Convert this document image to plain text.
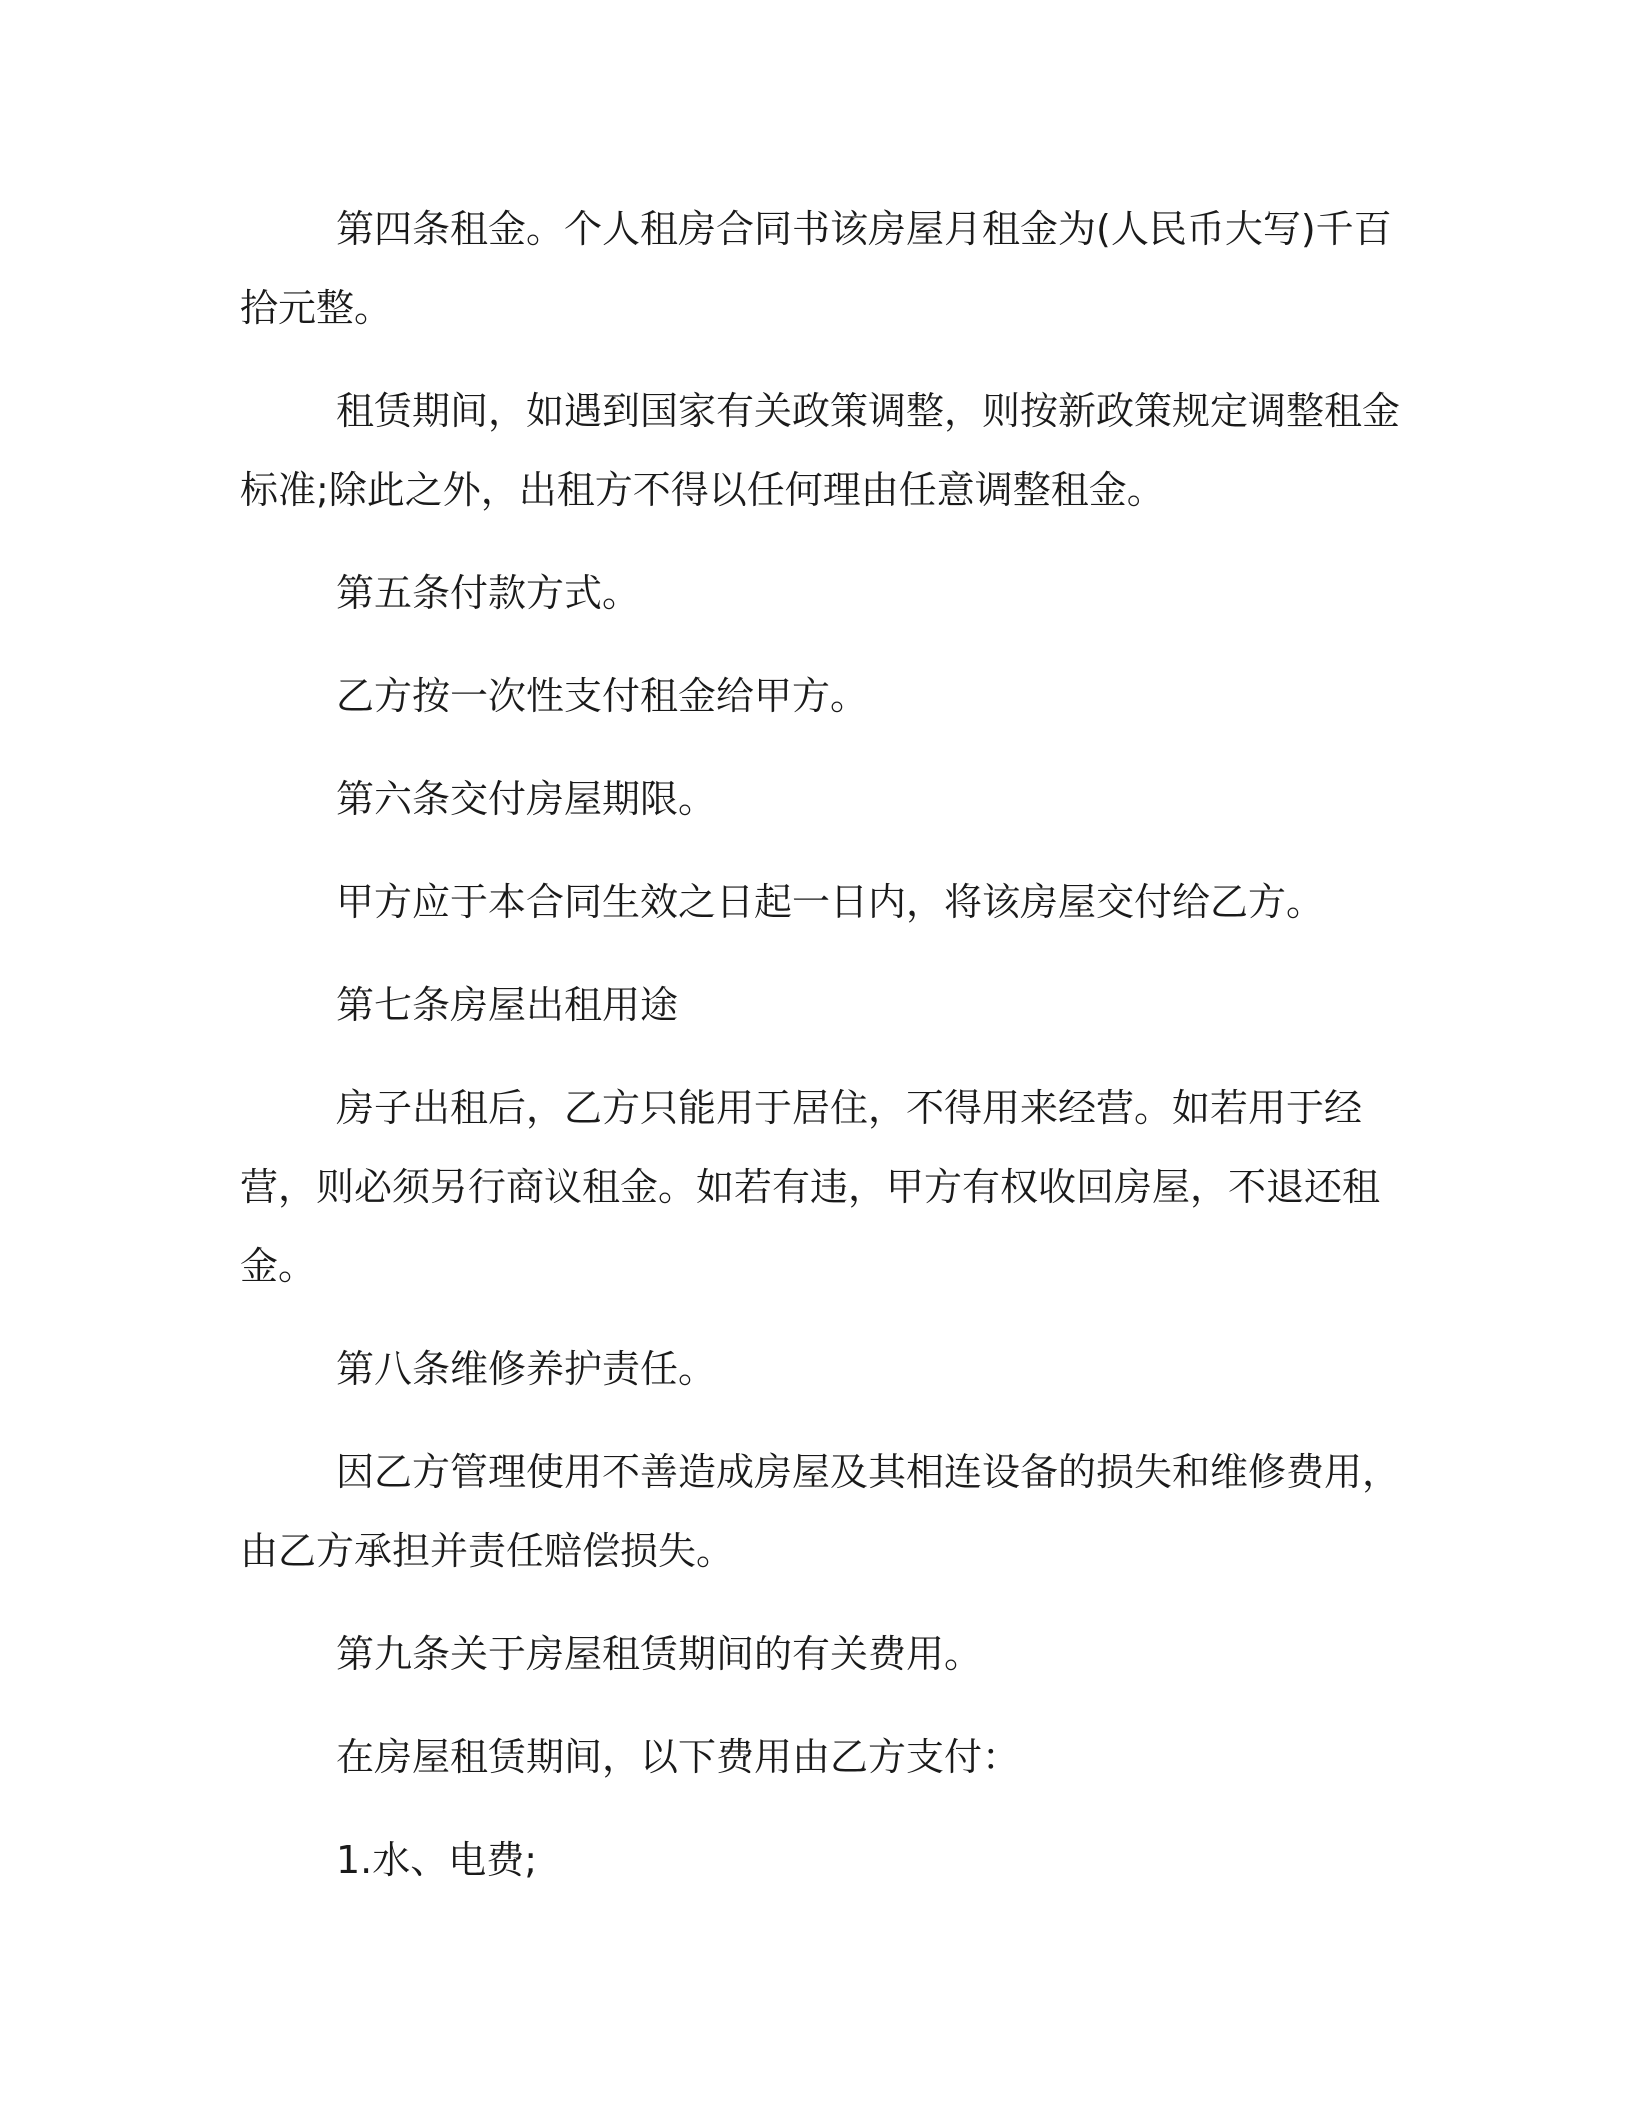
第四条租金。个人租房合同书该房屋月租金为(人民币大写)千百拾元整。

租赁期间，如遇到国家有关政策调整，则按新政策规定调整租金标准;除此之外，出租方不得以任何理由任意调整租金。

第五条付款方式。

乙方按一次性支付租金给甲方。

第六条交付房屋期限。

甲方应于本合同生效之日起一日内，将该房屋交付给乙方。

第七条房屋出租用途

房子出租后，乙方只能用于居住，不得用来经营。如若用于经营，则必须另行商议租金。如若有违，甲方有权收回房屋，不退还租金。

第八条维修养护责任。

因乙方管理使用不善造成房屋及其相连设备的损失和维修费用，由乙方承担并责任赔偿损失。

第九条关于房屋租赁期间的有关费用。

在房屋租赁期间，以下费用由乙方支付：

1.水、电费;
